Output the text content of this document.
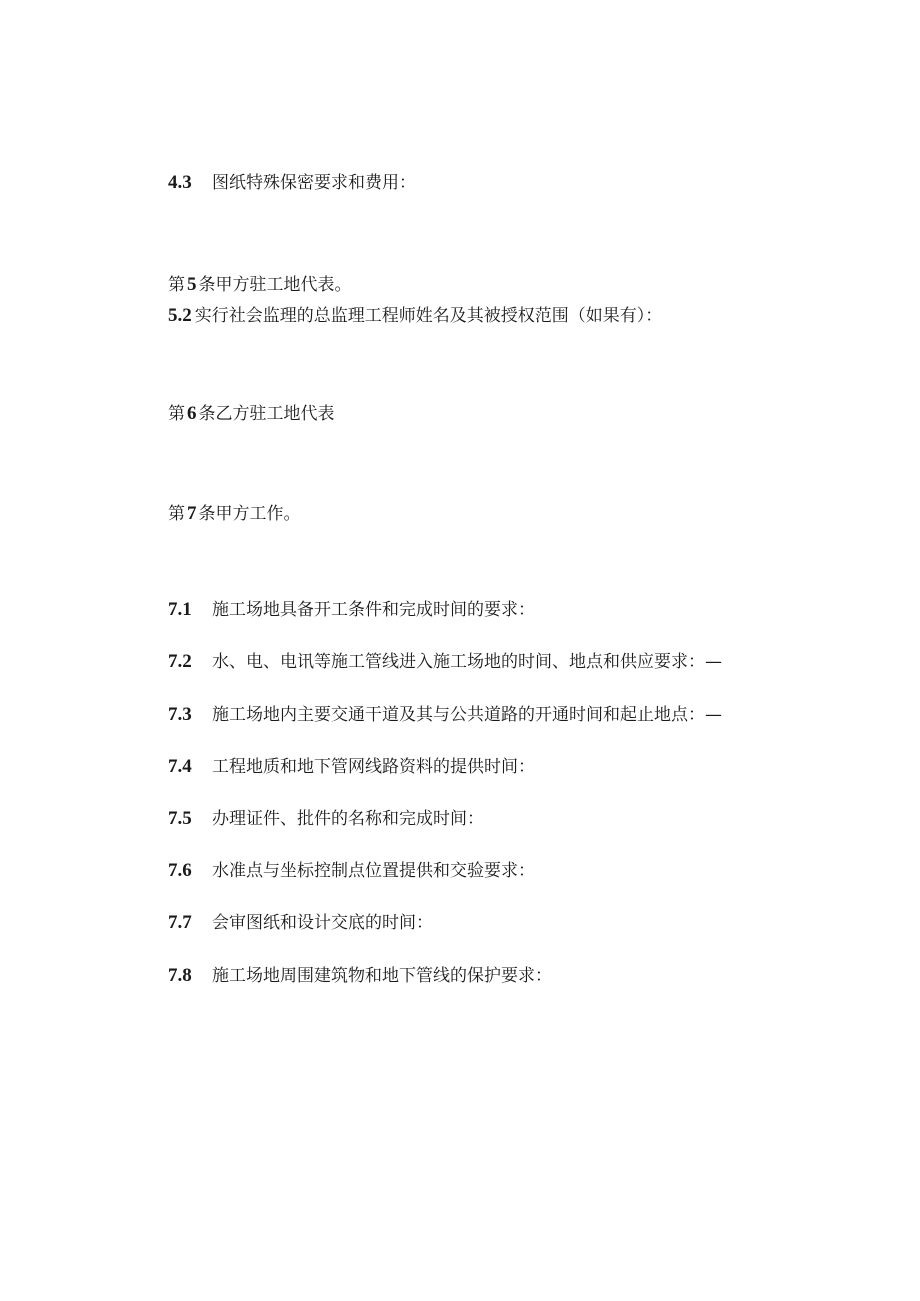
4.3 图纸特殊保密要求和费用：
第 5 条甲方驻工地代表。
5.2 实行社会监理的总监理工程师姓名及其被授权范围（如果有）：
第 6 条乙方驻工地代表
第 7 条甲方工作。
7.1 施工场地具备开工条件和完成时间的要求：
7.2 水、电、电讯等施工管线进入施工场地的时间、地点和供应要求：—
7.3 施工场地内主要交通干道及其与公共道路的开通时间和起止地点：—
7.4 工程地质和地下管网线路资料的提供时间：
7.5 办理证件、批件的名称和完成时间：
7.6 水准点与坐标控制点位置提供和交验要求：
7.7 会审图纸和设计交底的时间：
7.8 施工场地周围建筑物和地下管线的保护要求：
